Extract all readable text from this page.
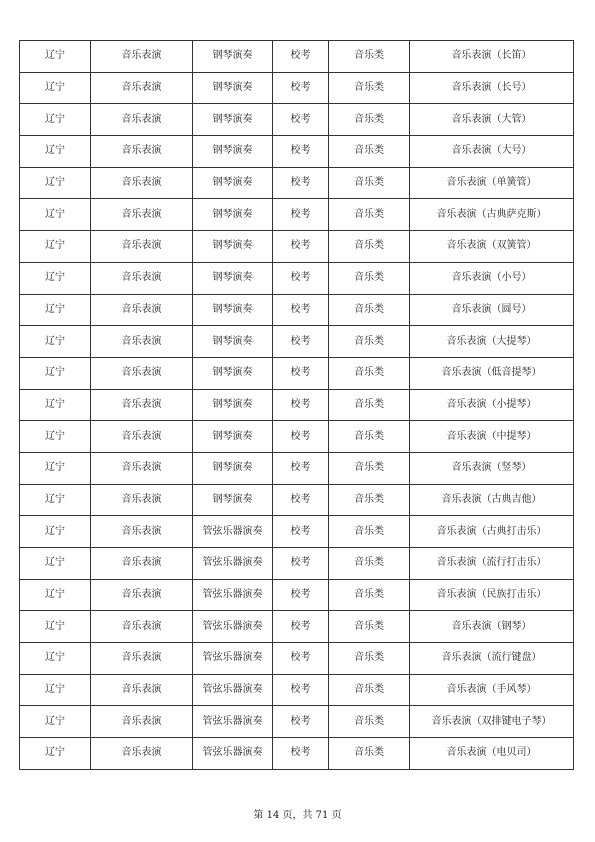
辽宁	音乐表演	钢琴演奏	校考	音乐类	音乐表演（长笛）
辽宁	音乐表演	钢琴演奏	校考	音乐类	音乐表演（长号）
辽宁	音乐表演	钢琴演奏	校考	音乐类	音乐表演（大管）
辽宁	音乐表演	钢琴演奏	校考	音乐类	音乐表演（大号）
辽宁	音乐表演	钢琴演奏	校考	音乐类	音乐表演（单簧管）
辽宁	音乐表演	钢琴演奏	校考	音乐类	音乐表演（古典萨克斯）
辽宁	音乐表演	钢琴演奏	校考	音乐类	音乐表演（双簧管）
辽宁	音乐表演	钢琴演奏	校考	音乐类	音乐表演（小号）
辽宁	音乐表演	钢琴演奏	校考	音乐类	音乐表演（圆号）
辽宁	音乐表演	钢琴演奏	校考	音乐类	音乐表演（大提琴）
辽宁	音乐表演	钢琴演奏	校考	音乐类	音乐表演（低音提琴）
辽宁	音乐表演	钢琴演奏	校考	音乐类	音乐表演（小提琴）
辽宁	音乐表演	钢琴演奏	校考	音乐类	音乐表演（中提琴）
辽宁	音乐表演	钢琴演奏	校考	音乐类	音乐表演（竖琴）
辽宁	音乐表演	钢琴演奏	校考	音乐类	音乐表演（古典吉他）
辽宁	音乐表演	管弦乐器演奏	校考	音乐类	音乐表演（古典打击乐）
辽宁	音乐表演	管弦乐器演奏	校考	音乐类	音乐表演（流行打击乐）
辽宁	音乐表演	管弦乐器演奏	校考	音乐类	音乐表演（民族打击乐）
辽宁	音乐表演	管弦乐器演奏	校考	音乐类	音乐表演（钢琴）
辽宁	音乐表演	管弦乐器演奏	校考	音乐类	音乐表演（流行键盘）
辽宁	音乐表演	管弦乐器演奏	校考	音乐类	音乐表演（手风琴）
辽宁	音乐表演	管弦乐器演奏	校考	音乐类	音乐表演（双排键电子琴）
辽宁	音乐表演	管弦乐器演奏	校考	音乐类	音乐表演（电贝司）
第 14 页，共 71 页
